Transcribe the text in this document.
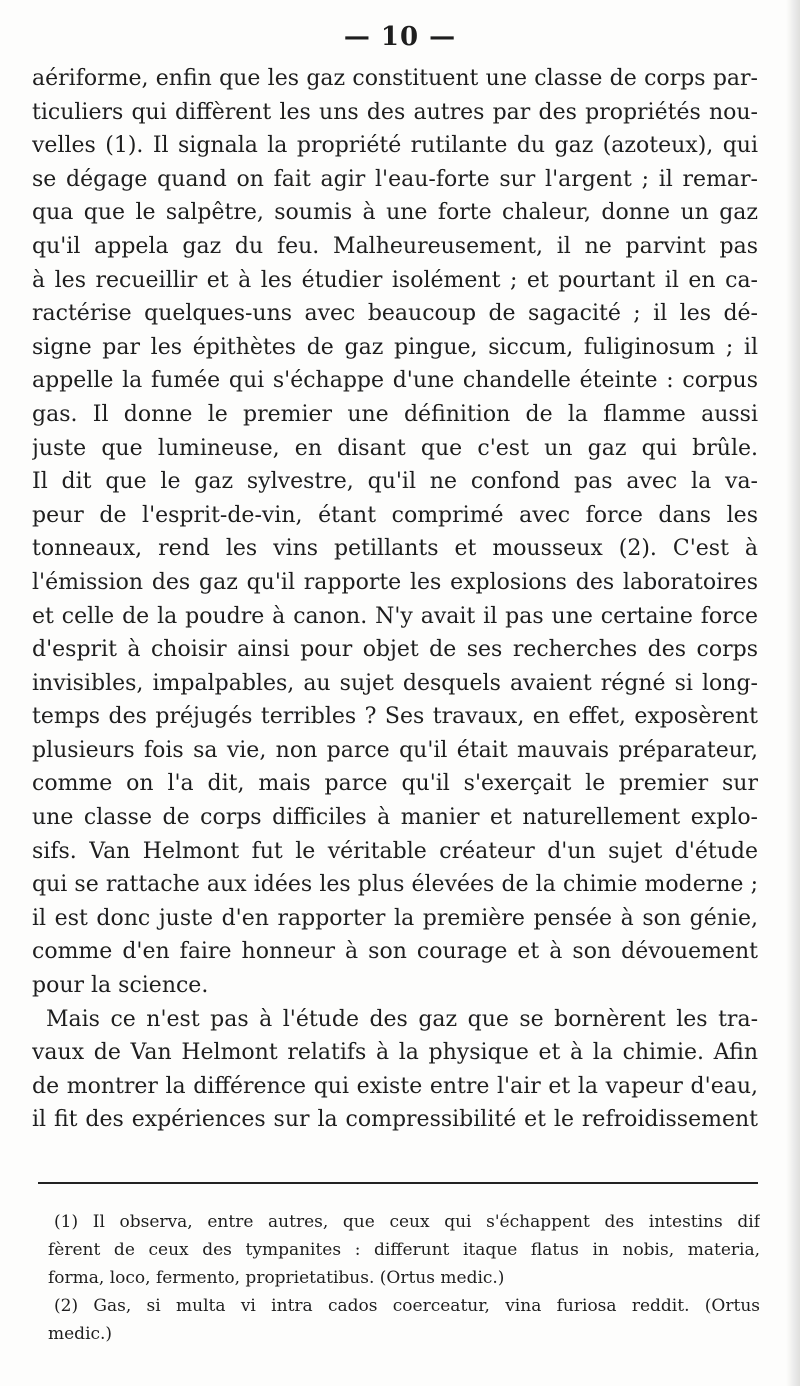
— 10 —
aériforme, enfin que les gaz constituent une classe de corps par-
ticuliers qui diffèrent les uns des autres par des propriétés nou-
velles (1). Il signala la propriété rutilante du gaz (azoteux), qui
se dégage quand on fait agir l'eau-forte sur l'argent ; il remar-
qua que le salpêtre, soumis à une forte chaleur, donne un gaz
qu'il appela gaz du feu. Malheureusement, il ne parvint pas
à les recueillir et à les étudier isolément ; et pourtant il en ca-
ractérise quelques-uns avec beaucoup de sagacité ; il les dé-
signe par les épithètes de gaz pingue, siccum, fuliginosum ; il
appelle la fumée qui s'échappe d'une chandelle éteinte : corpus
gas. Il donne le premier une définition de la flamme aussi
juste que lumineuse, en disant que c'est un gaz qui brûle.
Il dit que le gaz sylvestre, qu'il ne confond pas avec la va-
peur de l'esprit-de-vin, étant comprimé avec force dans les
tonneaux, rend les vins petillants et mousseux (2). C'est à
l'émission des gaz qu'il rapporte les explosions des laboratoires
et celle de la poudre à canon. N'y avait il pas une certaine force
d'esprit à choisir ainsi pour objet de ses recherches des corps
invisibles, impalpables, au sujet desquels avaient régné si long-
temps des préjugés terribles ? Ses travaux, en effet, exposèrent
plusieurs fois sa vie, non parce qu'il était mauvais préparateur,
comme on l'a dit, mais parce qu'il s'exerçait le premier sur
une classe de corps difficiles à manier et naturellement explo-
sifs. Van Helmont fut le véritable créateur d'un sujet d'étude
qui se rattache aux idées les plus élevées de la chimie moderne ;
il est donc juste d'en rapporter la première pensée à son génie,
comme d'en faire honneur à son courage et à son dévouement
pour la science.
Mais ce n'est pas à l'étude des gaz que se bornèrent les tra-
vaux de Van Helmont relatifs à la physique et à la chimie. Afin
de montrer la différence qui existe entre l'air et la vapeur d'eau,
il fit des expériences sur la compressibilité et le refroidissement
(1) Il observa, entre autres, que ceux qui s'échappent des intestins dif
fèrent de ceux des tympanites : differunt itaque flatus in nobis, materia,
forma, loco, fermento, proprietatibus. (Ortus medic.)
(2) Gas, si multa vi intra cados coerceatur, vina furiosa reddit. (Ortus
medic.)
